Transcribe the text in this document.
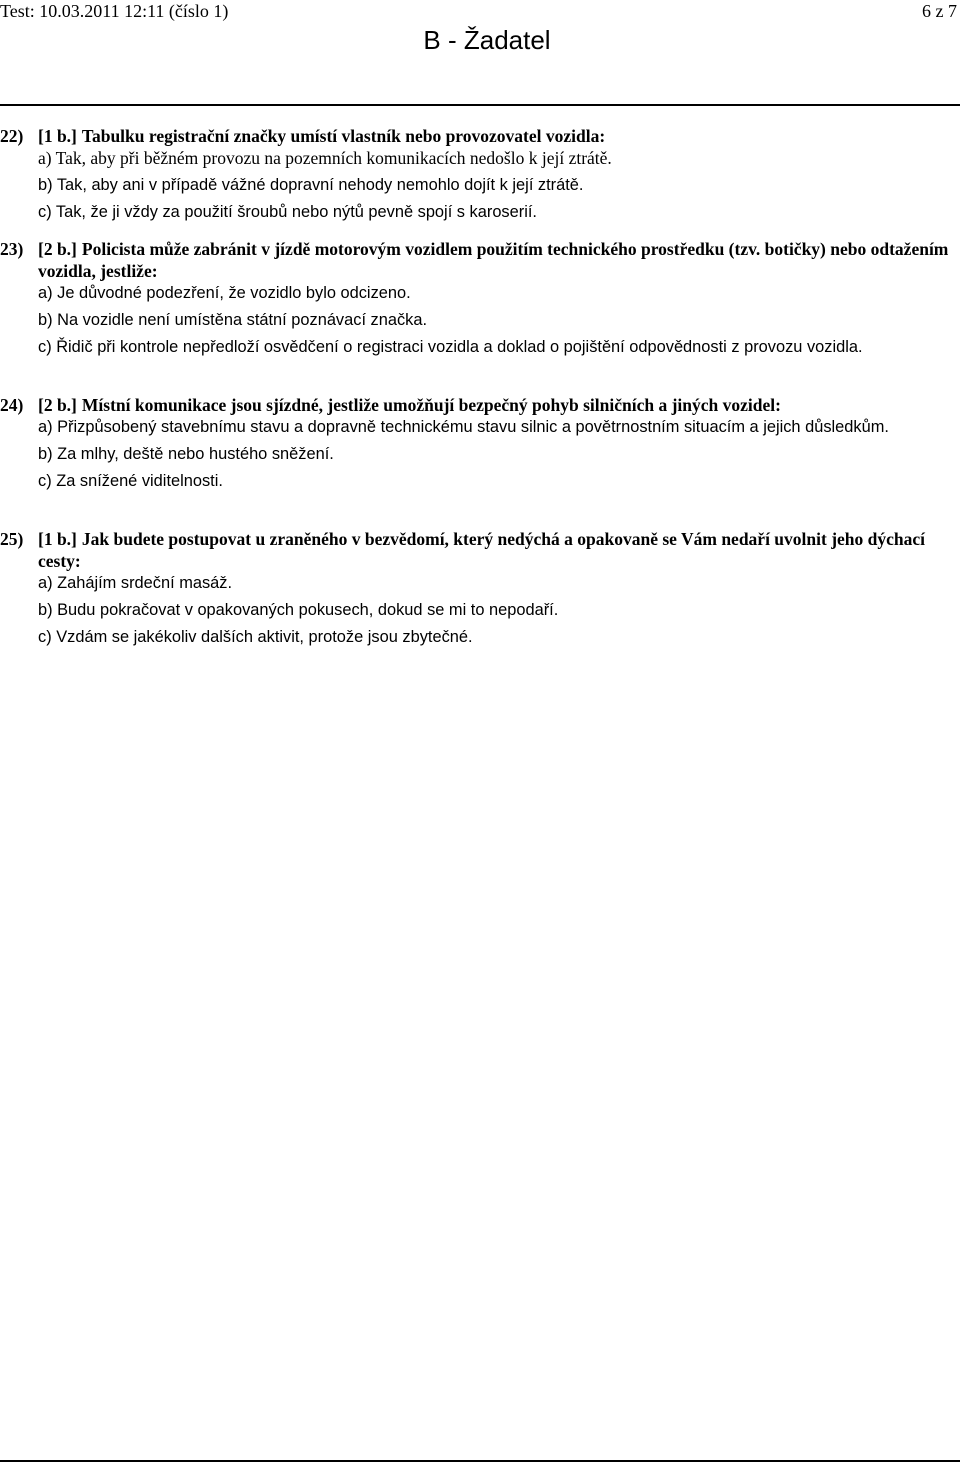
Test: 10.03.2011 12:11 (číslo 1)	6 z 7
B - Žadatel
22) [1 b.] Tabulku registrační značky umístí vlastník nebo provozovatel vozidla:
a) Tak, aby při běžném provozu na pozemních komunikacích nedošlo k její ztrátě.
b) Tak, aby ani v případě vážné dopravní nehody nemohlo dojít k její ztrátě.
c) Tak, že ji vždy za použití šroubů nebo nýtů pevně spojí s karoserií.
23) [2 b.] Policista může zabránit v jízdě motorovým vozidlem použitím technického prostředku (tzv. botičky) nebo odtažením vozidla, jestliže:
a) Je důvodné podezření, že vozidlo bylo odcizeno.
b) Na vozidle není umístěna státní poznávací značka.
c) Řidič při kontrole nepředloží osvědčení o registraci vozidla a doklad o pojištění odpovědnosti z provozu vozidla.
24) [2 b.] Místní komunikace jsou sjízdné, jestliže umožňují bezpečný pohyb silničních a jiných vozidel:
a) Přizpůsobený stavebnímu stavu a dopravně technickému stavu silnic a povětrnostním situacím a jejich důsledkům.
b) Za mlhy, deště nebo hustého sněžení.
c) Za snížené viditelnosti.
25) [1 b.] Jak budete postupovat u zraněného v bezvědomí, který nedýchá a opakovaně se Vám nedaří uvolnit jeho dýchací cesty:
a) Zahájím srdeční masáž.
b) Budu pokračovat v opakovaných pokusech, dokud se mi to nepodaří.
c) Vzdám se jakékoliv dalších aktivit, protože jsou zbytečné.
